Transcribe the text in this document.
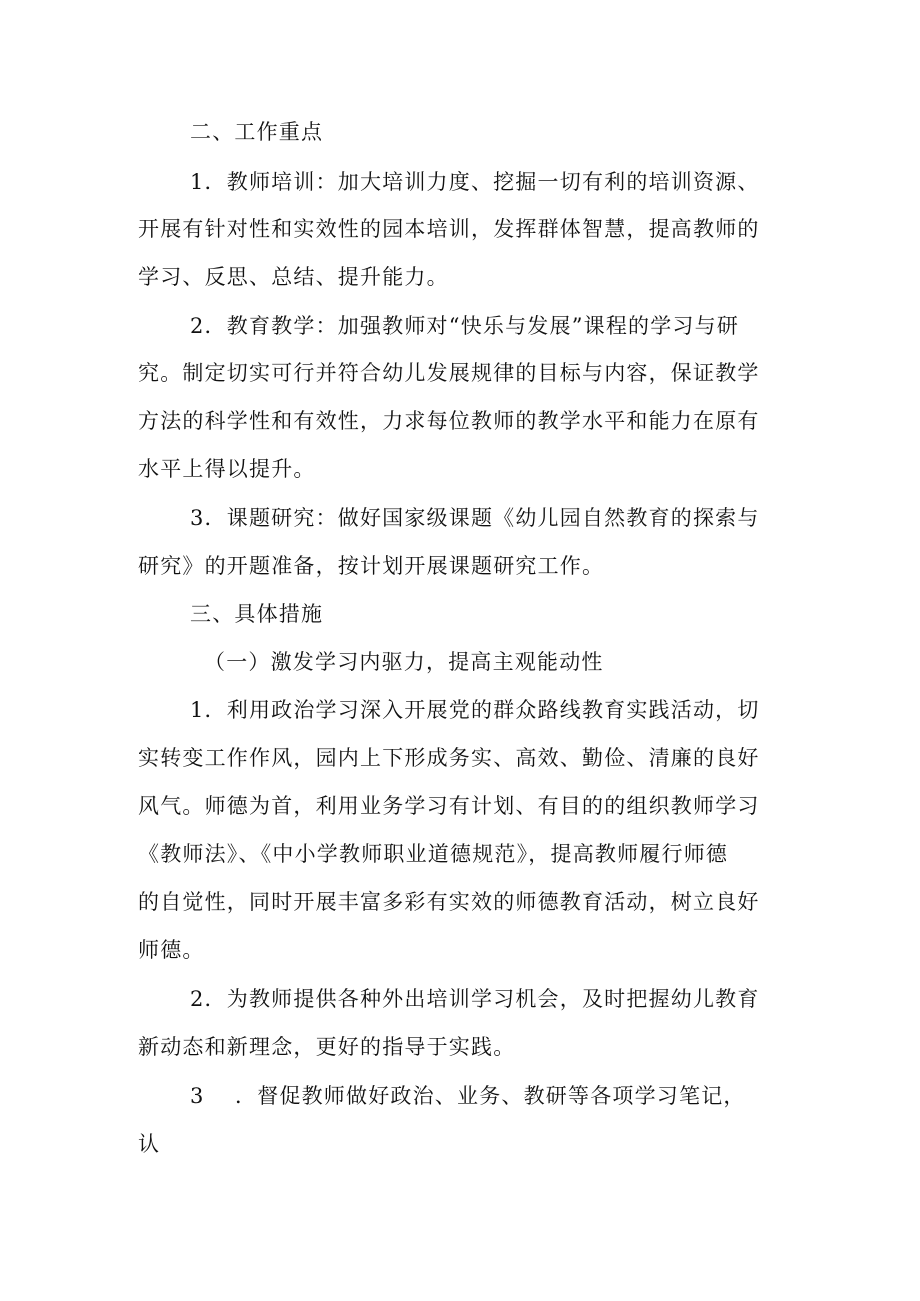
二、工作重点
1．教师培训：加大培训力度、挖掘一切有利的培训资源、
开展有针对性和实效性的园本培训，发挥群体智慧，提高教师的
学习、反思、总结、提升能力。
2．教育教学：加强教师对“快乐与发展”课程的学习与研
究。制定切实可行并符合幼儿发展规律的目标与内容，保证教学
方法的科学性和有效性，力求每位教师的教学水平和能力在原有
水平上得以提升。
3．课题研究：做好国家级课题《幼儿园自然教育的探索与
研究》的开题准备，按计划开展课题研究工作。
三、具体措施
（一）激发学习内驱力，提高主观能动性
1．利用政治学习深入开展党的群众路线教育实践活动，切
实转变工作作风，园内上下形成务实、高效、勤俭、清廉的良好
风气。师德为首，利用业务学习有计划、有目的的组织教师学习
《教师法》、《中小学教师职业道德规范》，提高教师履行师德
的自觉性，同时开展丰富多彩有实效的师德教育活动，树立良好
师德。
2．为教师提供各种外出培训学习机会，及时把握幼儿教育
新动态和新理念，更好的指导于实践。
3 ．督促教师做好政治、业务、教研等各项学习笔记，
认
